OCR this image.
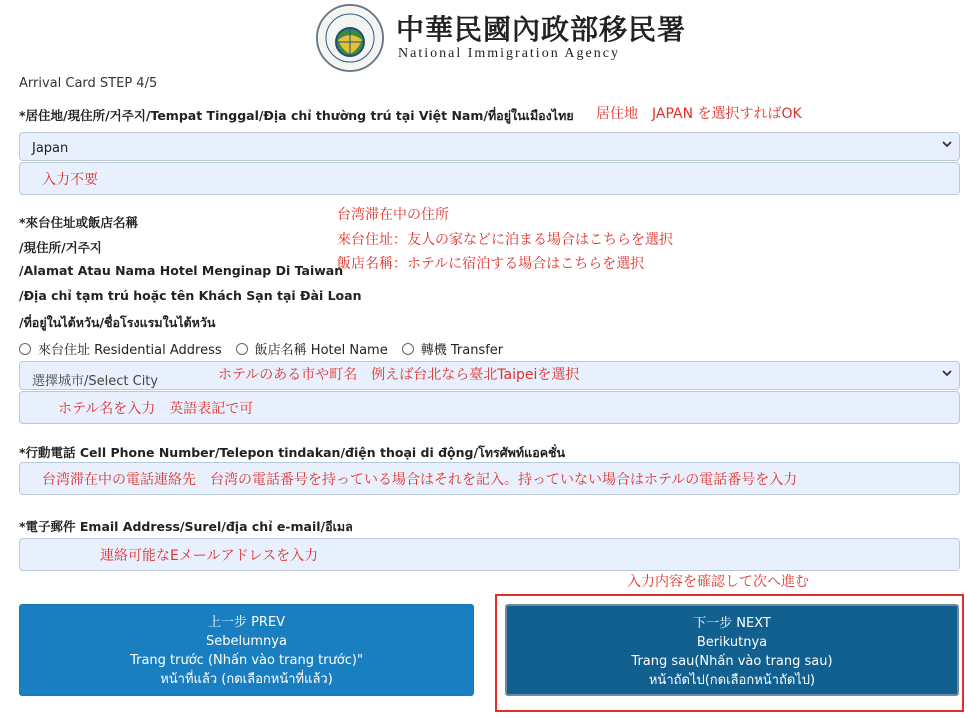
中華民國內政部移民署
National Immigration Agency
Arrival Card STEP 4/5
*居住地/現住所/거주지/Tempat Tinggal/Địa chỉ thường trú tại Việt Nam/ที่อยู่ในเมืองไทย 居住地　JAPAN を選択すればOK
Japan
入力不要
*來台住址或飯店名稱
/現住所/거주지
/Alamat Atau Nama Hotel Menginap Di Taiwan
/Địa chỉ tạm trú hoặc tên Khách Sạn tại Đài Loan
/ที่อยู่ในไต้หวัน/ชื่อโรงแรมในไต้หวัน
台湾滞在中の住所
來台住址：友人の家などに泊まる場合はこちらを選択
飯店名稱：ホテルに宿泊する場合はこちらを選択
來台住址 Residential Address	飯店名稱 Hotel Name	轉機 Transfer
選擇城市/Select City	ホテルのある市や町名　例えば台北なら臺北Taipeiを選択
ホテル名を入力　英語表記で可
*行動電話 Cell Phone Number/Telepon tindakan/điện thoại di động/โทรศัพท์แอคชั่น
台湾滞在中の電話連絡先　台湾の電話番号を持っている場合はそれを記入。持っていない場合はホテルの電話番号を入力
*電子郵件 Email Address/Surel/địa chỉ e-mail/อีเมล
連絡可能なEメールアドレスを入力
入力内容を確認して次へ進む
上一步 PREV
Sebelumnya
Trang trước (Nhấn vào trang trước)"
หน้าที่แล้ว (กดเลือกหน้าที่แล้ว)
下一步 NEXT
Berikutnya
Trang sau(Nhấn vào trang sau)
หน้าถัดไป(กดเลือกหน้าถัดไป)
